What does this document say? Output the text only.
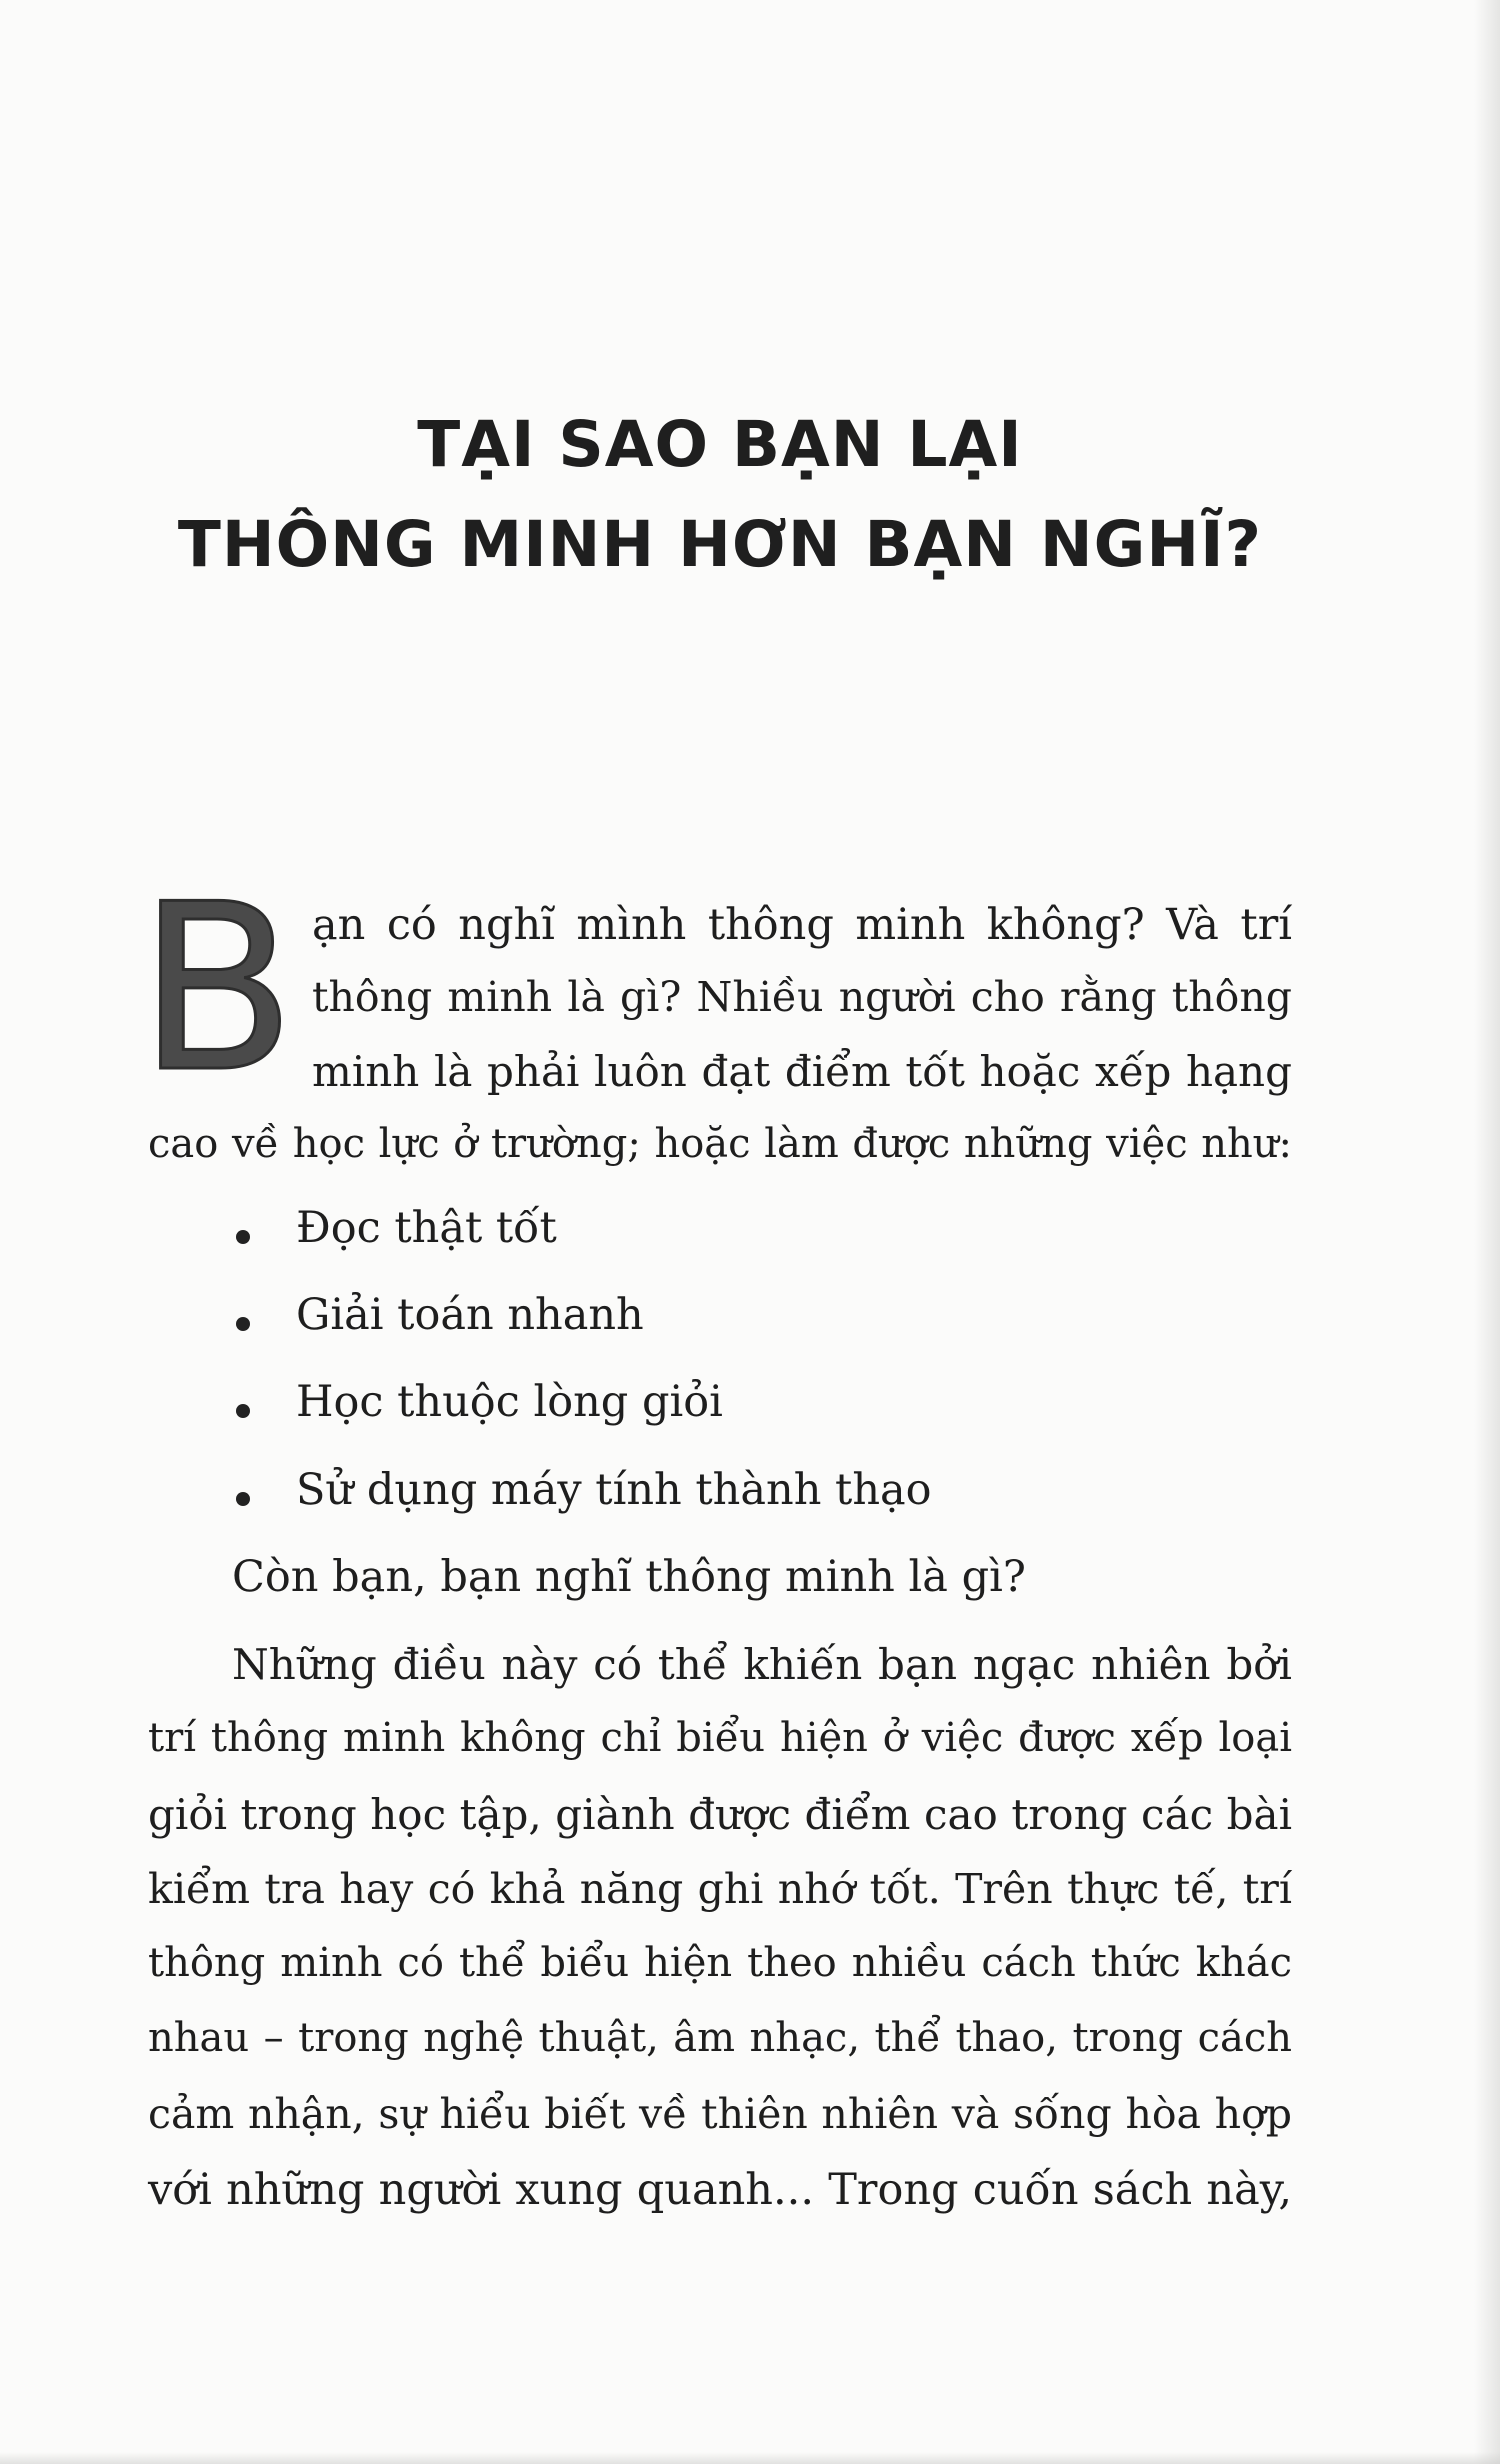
TẠI SAO BẠN LẠI
THÔNG MINH HƠN BẠN NGHĨ?
B ạn có nghĩ mình thông minh không? Và trí
thông minh là gì? Nhiều người cho rằng thông
minh là phải luôn đạt điểm tốt hoặc xếp hạng
cao về học lực ở trường; hoặc làm được những việc như:
Đọc thật tốt
Giải toán nhanh
Học thuộc lòng giỏi
Sử dụng máy tính thành thạo
Còn bạn, bạn nghĩ thông minh là gì?
Những điều này có thể khiến bạn ngạc nhiên bởi
trí thông minh không chỉ biểu hiện ở việc được xếp loại
giỏi trong học tập, giành được điểm cao trong các bài
kiểm tra hay có khả năng ghi nhớ tốt. Trên thực tế, trí
thông minh có thể biểu hiện theo nhiều cách thức khác
nhau – trong nghệ thuật, âm nhạc, thể thao, trong cách
cảm nhận, sự hiểu biết về thiên nhiên và sống hòa hợp
với những người xung quanh... Trong cuốn sách này,
